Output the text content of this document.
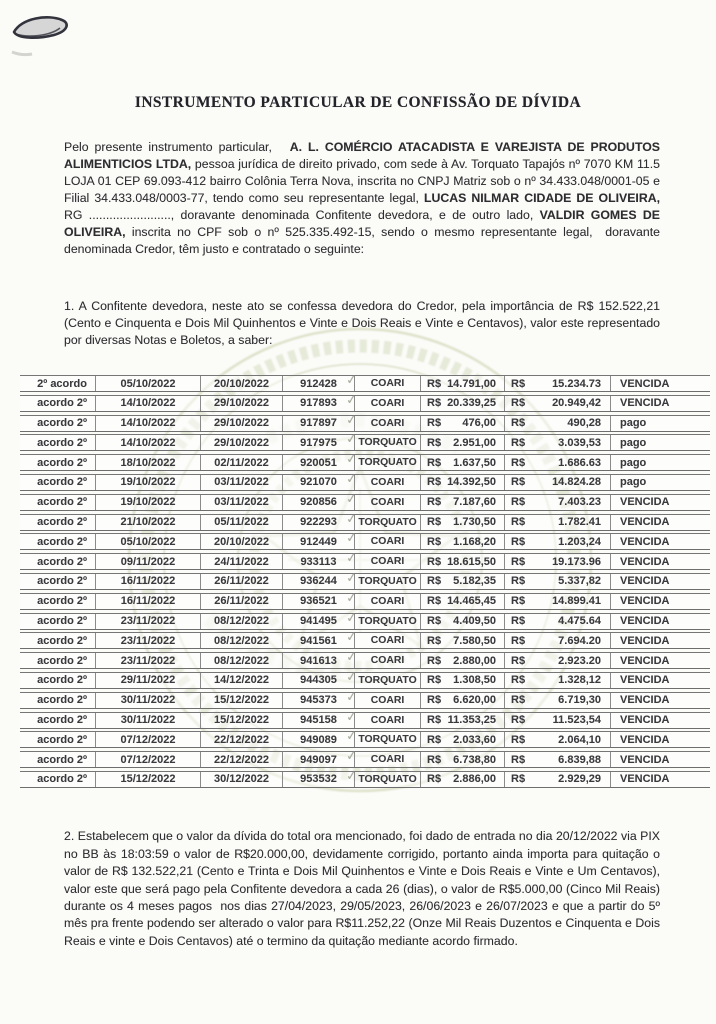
INSTRUMENTO PARTICULAR DE CONFISSÃO DE DÍVIDA

Pelo presente instrumento particular,   A. L. COMÉRCIO ATACADISTA E VAREJISTA DE PRODUTOS ALIMENTICIOS LTDA, pessoa jurídica de direito privado, com sede à Av. Torquato Tapajós nº 7070 KM 11.5 LOJA 01 CEP 69.093-412 bairro Colônia Terra Nova, inscrita no CNPJ Matriz sob o nº 34.433.048/0001-05 e Filial 34.433.048/0003-77, tendo como seu representante legal, LUCAS NILMAR CIDADE DE OLIVEIRA, RG ........................, doravante denominada Confitente devedora, e de outro lado, VALDIR GOMES DE OLIVEIRA, inscrita no CPF sob o nº 525.335.492-15, sendo o mesmo representante legal,  doravante denominada Credor, têm justo e contratado o seguinte:

1. A Confitente devedora, neste ato se confessa devedora do Credor, pela importância de R$ 152.522,21 (Cento e Cinquenta e Dois Mil Quinhentos e Vinte e Dois Reais e Vinte e Centavos), valor este representado por diversas Notas e Boletos, a saber:

2º acordo	05/10/2022	20/10/2022	912428 ✓	COARI	R$ 14.791,00 R$ 15.234.73	VENCIDA
acordo 2º	14/10/2022	29/10/2022	917893 ✓	COARI	R$ 20.339,25 R$ 20.949,42	VENCIDA
acordo 2º	14/10/2022	29/10/2022	917897 ✓	COARI	R$ 476,00 R$	490,28	pago
acordo 2º	14/10/2022	29/10/2022	917975 ✓ TORQUATO R$ 2.951,00 R$	3.039,53	pago
acordo 2º	18/10/2022	02/11/2022	920051 ✓ TORQUATO R$ 1.637,50 R$	1.686.63	pago
acordo 2º	19/10/2022	03/11/2022	921070 ✓	COARI	R$ 14.392,50 R$ 14.824.28	pago
acordo 2º	19/10/2022	03/11/2022	920856 ✓	COARI	R$ 7.187,60 R$	7.403.23	VENCIDA
acordo 2º	21/10/2022	05/11/2022	922293 ✓ TORQUATO R$ 1.730,50 R$	1.782.41	VENCIDA
acordo 2º	05/10/2022	20/10/2022	912449 ✓	COARI	R$ 1.168,20 R$	1.203,24	VENCIDA
acordo 2º	09/11/2022	24/11/2022	933113 ✓	COARI	R$ 18.615,50 R$ 19.173.96	VENCIDA
acordo 2º	16/11/2022	26/11/2022	936244 ✓ TORQUATO R$ 5.182,35 R$	5.337,82	VENCIDA
acordo 2º	16/11/2022	26/11/2022	936521 ✓	COARI	R$ 14.465,45 R$ 14.899.41	VENCIDA
acordo 2º	23/11/2022	08/12/2022	941495 ✓ TORQUATO R$ 4.409,50 R$	4.475.64	VENCIDA
acordo 2º	23/11/2022	08/12/2022	941561 ✓	COARI	R$ 7.580,50 R$	7.694.20	VENCIDA
acordo 2º	23/11/2022	08/12/2022	941613 ✓	COARI	R$ 2.880,00 R$	2.923.20	VENCIDA
acordo 2º	29/11/2022	14/12/2022	944305 ✓ TORQUATO R$ 1.308,50 R$	1.328,12	VENCIDA
acordo 2º	30/11/2022	15/12/2022	945373 ✓	COARI	R$ 6.620,00 R$	6.719,30	VENCIDA
acordo 2º	30/11/2022	15/12/2022	945158 ✓	COARI	R$ 11.353,25 R$	11.523,54	VENCIDA
acordo 2º	07/12/2022	22/12/2022	949089 ✓ TORQUATO R$ 2.033,60 R$	2.064,10	VENCIDA
acordo 2º	07/12/2022	22/12/2022	949097 ✓	COARI	R$ 6.738,80 R$	6.839,88	VENCIDA
acordo 2º	15/12/2022	30/12/2022	953532 ✓ TORQUATO R$ 2.886,00 R$	2.929,29	VENCIDA

2. Estabelecem que o valor da dívida do total ora mencionado, foi dado de entrada no dia 20/12/2022 via PIX no BB às 18:03:59 o valor de R$20.000,00, devidamente corrigido, portanto ainda importa para quitação o valor de R$ 132.522,21 (Cento e Trinta e Dois Mil Quinhentos e Vinte e Dois Reais e Vinte e Um Centavos), valor este que será pago pela Confitente devedora a cada 26 (dias), o valor de R$5.000,00 (Cinco Mil Reais) durante os 4 meses pagos  nos dias 27/04/2023, 29/05/2023, 26/06/2023 e 26/07/2023 e que a partir do 5º mês pra frente podendo ser alterado o valor para R$11.252,22 (Onze Mil Reais Duzentos e Cinquenta e Dois Reais e vinte e Dois Centavos) até o termino da quitação mediante acordo firmado.
